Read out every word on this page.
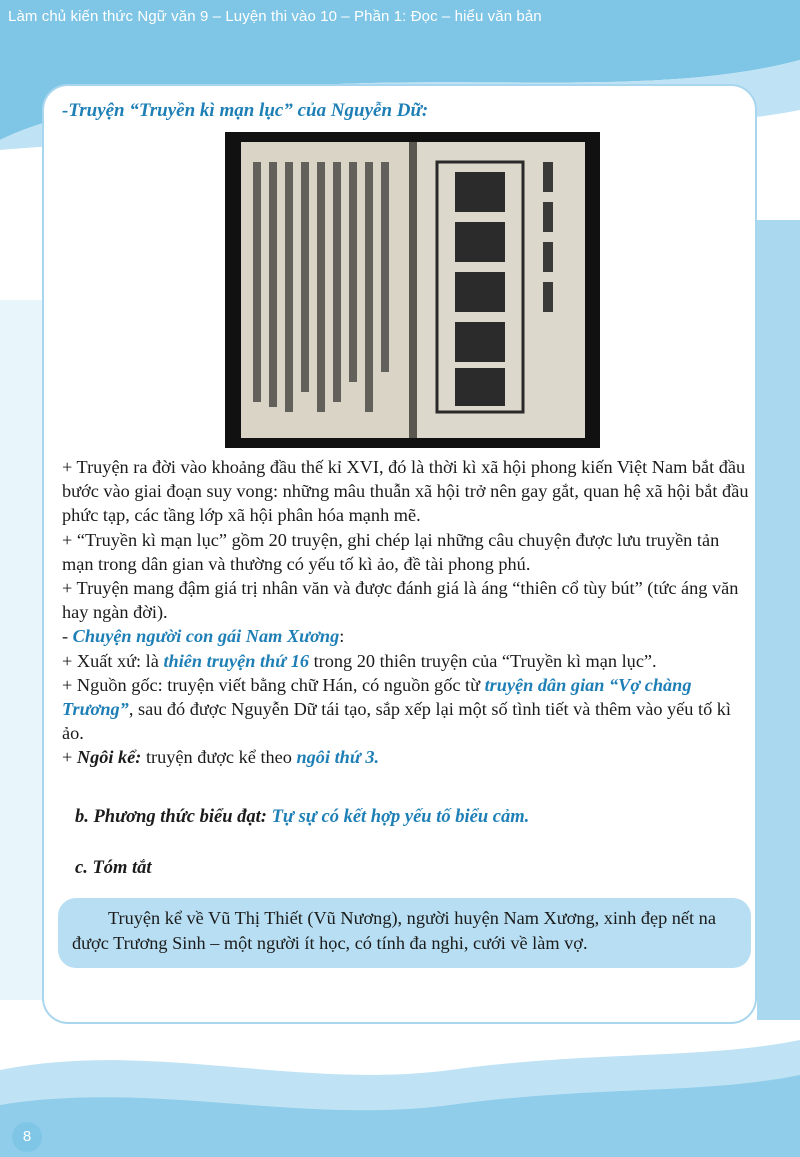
Làm chủ kiến thức Ngữ văn 9 – Luyện thi vào 10 – Phần 1: Đọc – hiểu văn bản
-Truyện “Truyền kì mạn lục” của Nguyễn Dữ:

+ Truyện ra đời vào khoảng đầu thế kỉ XVI, đó là thời kì xã hội phong kiến Việt Nam bắt đầu bước vào giai đoạn suy vong: những mâu thuẫn xã hội trở nên gay gắt, quan hệ xã hội bắt đầu phức tạp, các tầng lớp xã hội phân hóa mạnh mẽ.

+ “Truyền kì mạn lục” gồm 20 truyện, ghi chép lại những câu chuyện được lưu truyền tản mạn trong dân gian và thường có yếu tố kì ảo, đề tài phong phú.

+ Truyện mang đậm giá trị nhân văn và được đánh giá là áng “thiên cổ tùy bút” (tức áng văn hay ngàn đời).

- Chuyện người con gái Nam Xương:

+ Xuất xứ: là thiên truyện thứ 16 trong 20 thiên truyện của “Truyền kì mạn lục”.

+ Nguồn gốc: truyện viết bằng chữ Hán, có nguồn gốc từ truyện dân gian “Vợ chàng Trương”, sau đó được Nguyễn Dữ tái tạo, sắp xếp lại một số tình tiết và thêm vào yếu tố kì ảo.

+ Ngôi kể: truyện được kể theo ngôi thứ 3.

b. Phương thức biểu đạt: Tự sự có kết hợp yếu tố biểu cảm.
c. Tóm tắt
Truyện kể về Vũ Thị Thiết (Vũ Nương), người huyện Nam Xương, xinh đẹp nết na được Trương Sinh – một người ít học, có tính đa nghi, cưới về làm vợ.
8
